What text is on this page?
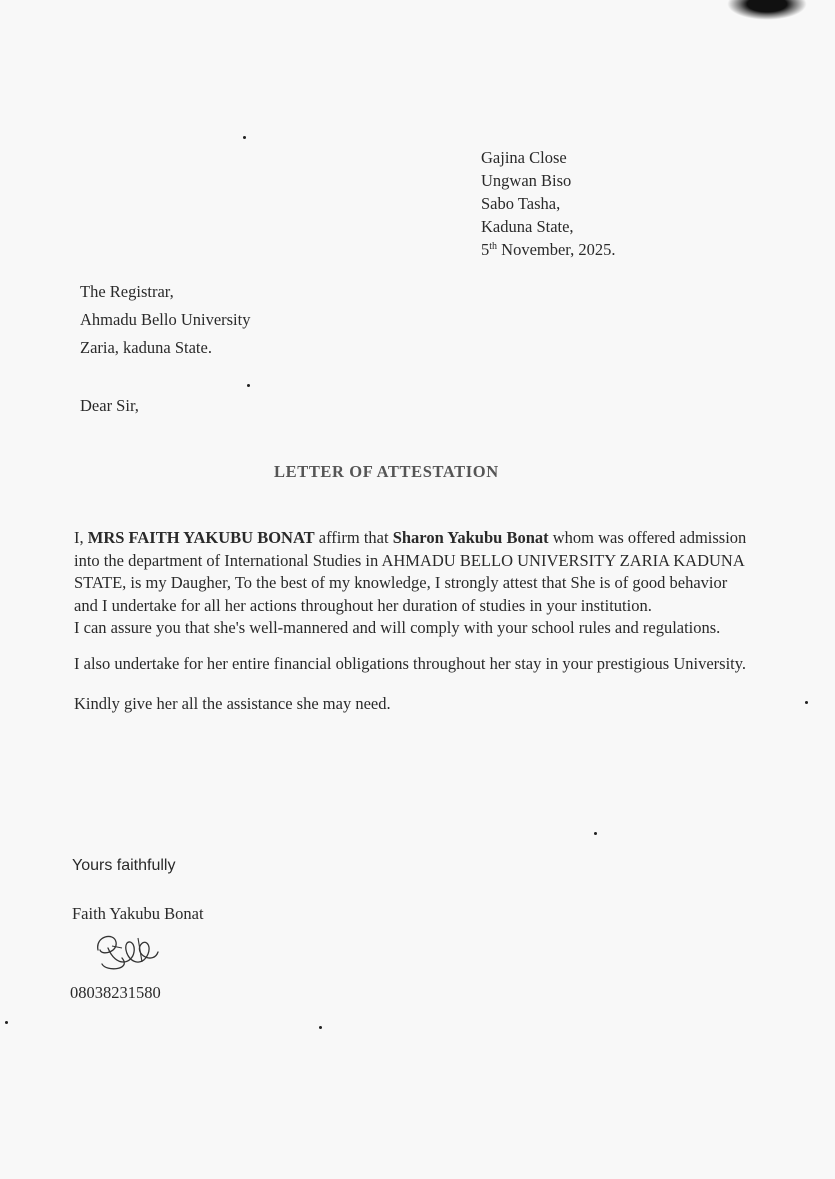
Gajina Close
Ungwan Biso
Sabo Tasha,
Kaduna State,
5th November, 2025.
The Registrar,
Ahmadu Bello University
Zaria, kaduna State.
Dear Sir,
LETTER OF ATTESTATION

I, MRS FAITH YAKUBU BONAT affirm that Sharon Yakubu Bonat whom was offered admission into the department of International Studies in AHMADU BELLO UNIVERSITY ZARIA KADUNA STATE, is my Daugher, To the best of my knowledge, I strongly attest that She is of good behavior and I undertake for all her actions throughout her duration of studies in your institution.

I can assure you that she's well-mannered and will comply with your school rules and regulations.

I also undertake for her entire financial obligations throughout her stay in your prestigious University.

Kindly give her all the assistance she may need.

Yours faithfully
Faith Yakubu Bonat
08038231580
